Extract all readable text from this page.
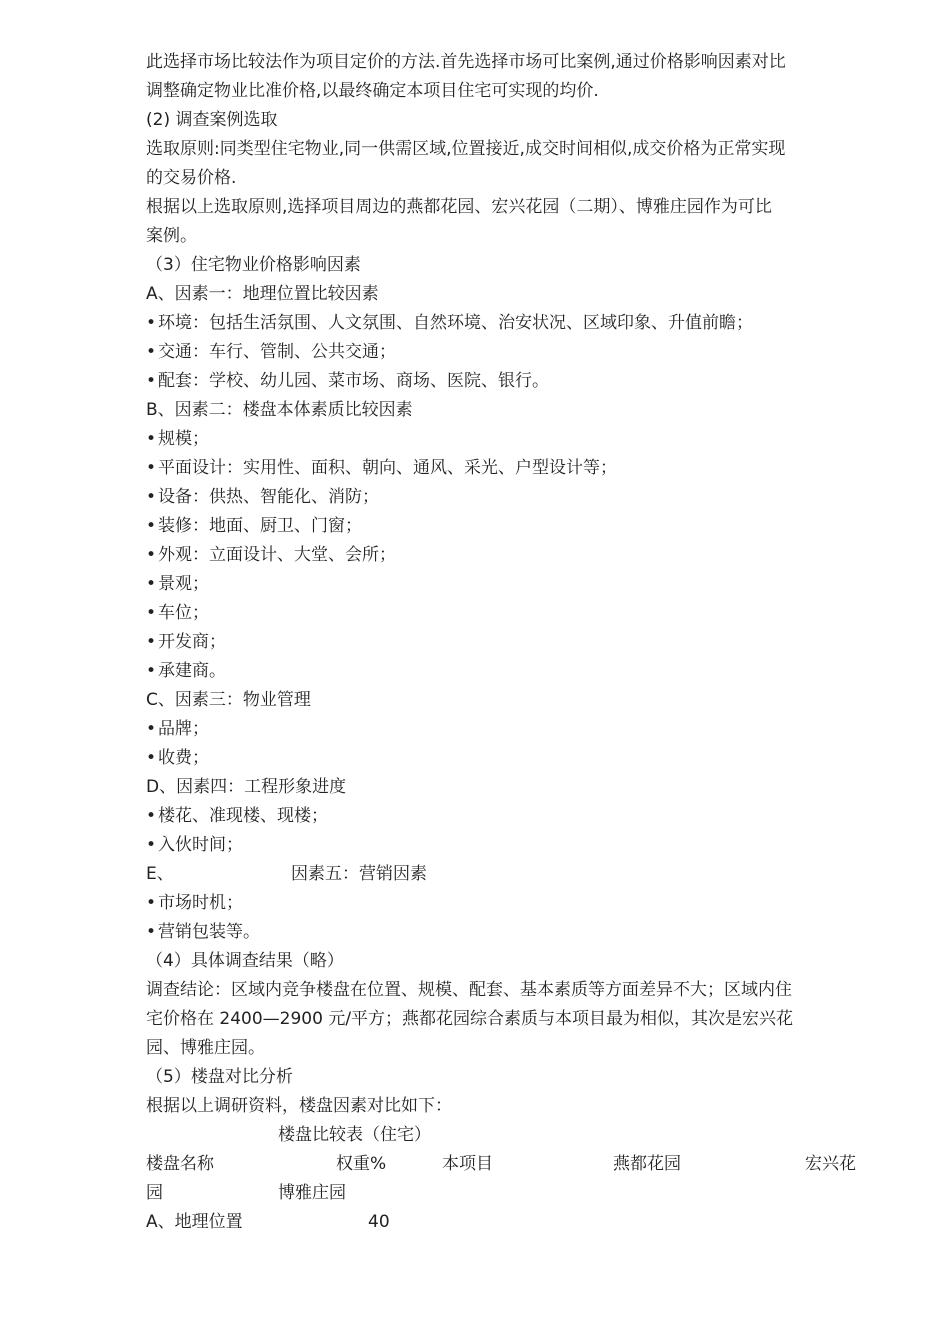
此选择市场比较法作为项目定价的方法.首先选择市场可比案例,通过价格影响因素对比
调整确定物业比准价格,以最终确定本项目住宅可实现的均价.
(2) 调查案例选取
选取原则:同类型住宅物业,同一供需区域,位置接近,成交时间相似,成交价格为正常实现
的交易价格.
根据以上选取原则,选择项目周边的燕都花园、宏兴花园（二期）、博雅庄园作为可比
案例。
（3）住宅物业价格影响因素
A、因素一：地理位置比较因素
• 环境：包括生活氛围、人文氛围、自然环境、治安状况、区域印象、升值前瞻；
• 交通：车行、管制、公共交通；
• 配套：学校、幼儿园、菜市场、商场、医院、银行。
B、因素二：楼盘本体素质比较因素
• 规模；
• 平面设计：实用性、面积、朝向、通风、采光、户型设计等；
• 设备：供热、智能化、消防；
• 装修：地面、厨卫、门窗；
• 外观：立面设计、大堂、会所；
• 景观；
• 车位；
• 开发商；
• 承建商。
C、因素三：物业管理
• 品牌；
• 收费；
D、因素四：工程形象进度
• 楼花、准现楼、现楼；
• 入伙时间；
E、	因素五：营销因素
• 市场时机；
• 营销包装等。
（4）具体调查结果（略）
调查结论：区域内竞争楼盘在位置、规模、配套、基本素质等方面差异不大；区域内住
宅价格在 2400—2900 元/平方；燕都花园综合素质与本项目最为相似，其次是宏兴花
园、博雅庄园。
（5）楼盘对比分析
根据以上调研资料，楼盘因素对比如下：
楼盘比较表（住宅）
楼盘名称	权重%	本项目	燕都花园	宏兴花
园	博雅庄园
A、地理位置	40
